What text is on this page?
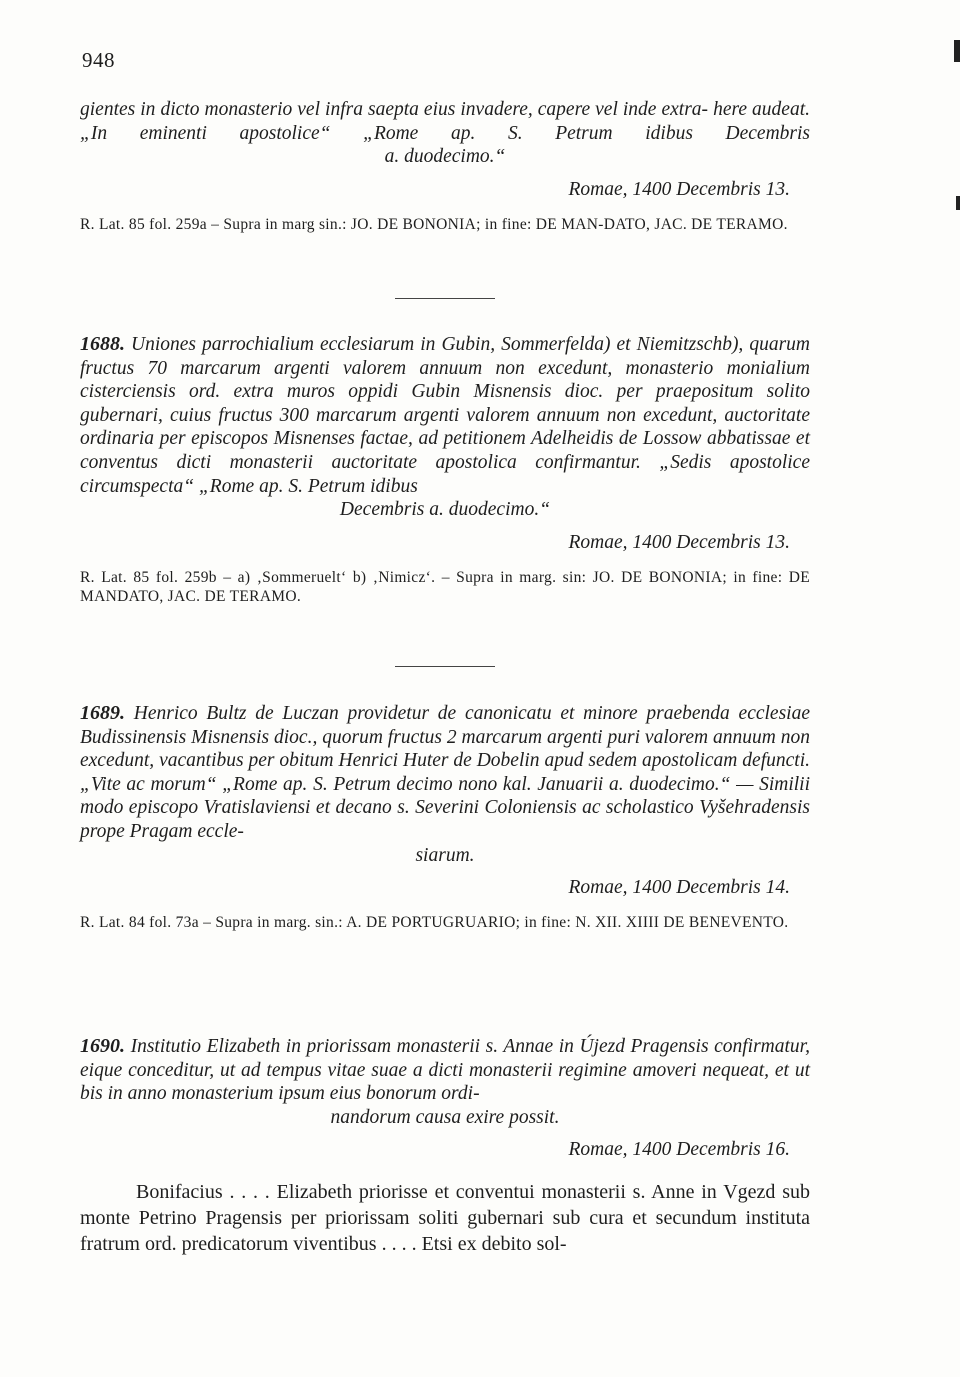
948

gientes in dicto monasterio vel infra saepta eius invadere, capere vel inde extra- here audeat. „In eminenti apostolice“ „Rome ap. S. Petrum idibus Decembris
a. duodecimo.“

Romae, 1400 Decembris 13.

R. Lat. 85 fol. 259a – Supra in marg sin.: JO. DE BONONIA; in fine: DE MAN-DATO, JAC. DE TERAMO.

1688. Uniones parrochialium ecclesiarum in Gubin, Sommerfelda) et Niemitzschb), quarum fructus 70 marcarum argenti valorem annuum non excedunt, monasterio monialium cisterciensis ord. extra muros oppidi Gubin Misnensis dioc. per praepositum solito gubernari, cuius fructus 300 marcarum argenti valorem annuum non excedunt, auctoritate ordinaria per episcopos Misnenses factae, ad petitionem Adelheidis de Lossow abbatissae et conventus dicti monasterii auctoritate apostolica confirmantur. „Sedis apostolice circumspecta“ „Rome ap. S. Petrum idibus
Decembris a. duodecimo.“

Romae, 1400 Decembris 13.

R. Lat. 85 fol. 259b – a) ‚Sommerueltʻ b) ‚Nimiczʻ. – Supra in marg. sin: JO. DE BONONIA; in fine: DE MANDATO, JAC. DE TERAMO.

1689. Henrico Bultz de Luczan providetur de canonicatu et minore praebenda ecclesiae Budissinensis Misnensis dioc., quorum fructus 2 marcarum argenti puri valorem annuum non excedunt, vacantibus per obitum Henrici Huter de Dobelin apud sedem apostolicam defuncti. „Vite ac morum“ „Rome ap. S. Petrum decimo nono kal. Januarii a. duodecimo.“ — Similii modo episcopo Vratislaviensi et decano s. Severini Coloniensis ac scholastico Vyšehradensis prope Pragam eccle-
siarum.

Romae, 1400 Decembris 14.

R. Lat. 84 fol. 73a – Supra in marg. sin.: A. DE PORTUGRUARIO; in fine: N. XII. XIIII DE BENEVENTO.

1690. Institutio Elizabeth in priorissam monasterii s. Annae in Újezd Pragensis confirmatur, eique conceditur, ut ad tempus vitae suae a dicti monasterii regimine amoveri nequeat, et ut bis in anno monasterium ipsum eius bonorum ordi-
nandorum causa exire possit.

Romae, 1400 Decembris 16.

Bonifacius . . . . Elizabeth priorisse et conventui monasterii s. Anne in Vgezd sub monte Petrino Pragensis per priorissam soliti gubernari sub cura et secundum instituta fratrum ord. predicatorum viventibus . . . . Etsi ex debito sol-
